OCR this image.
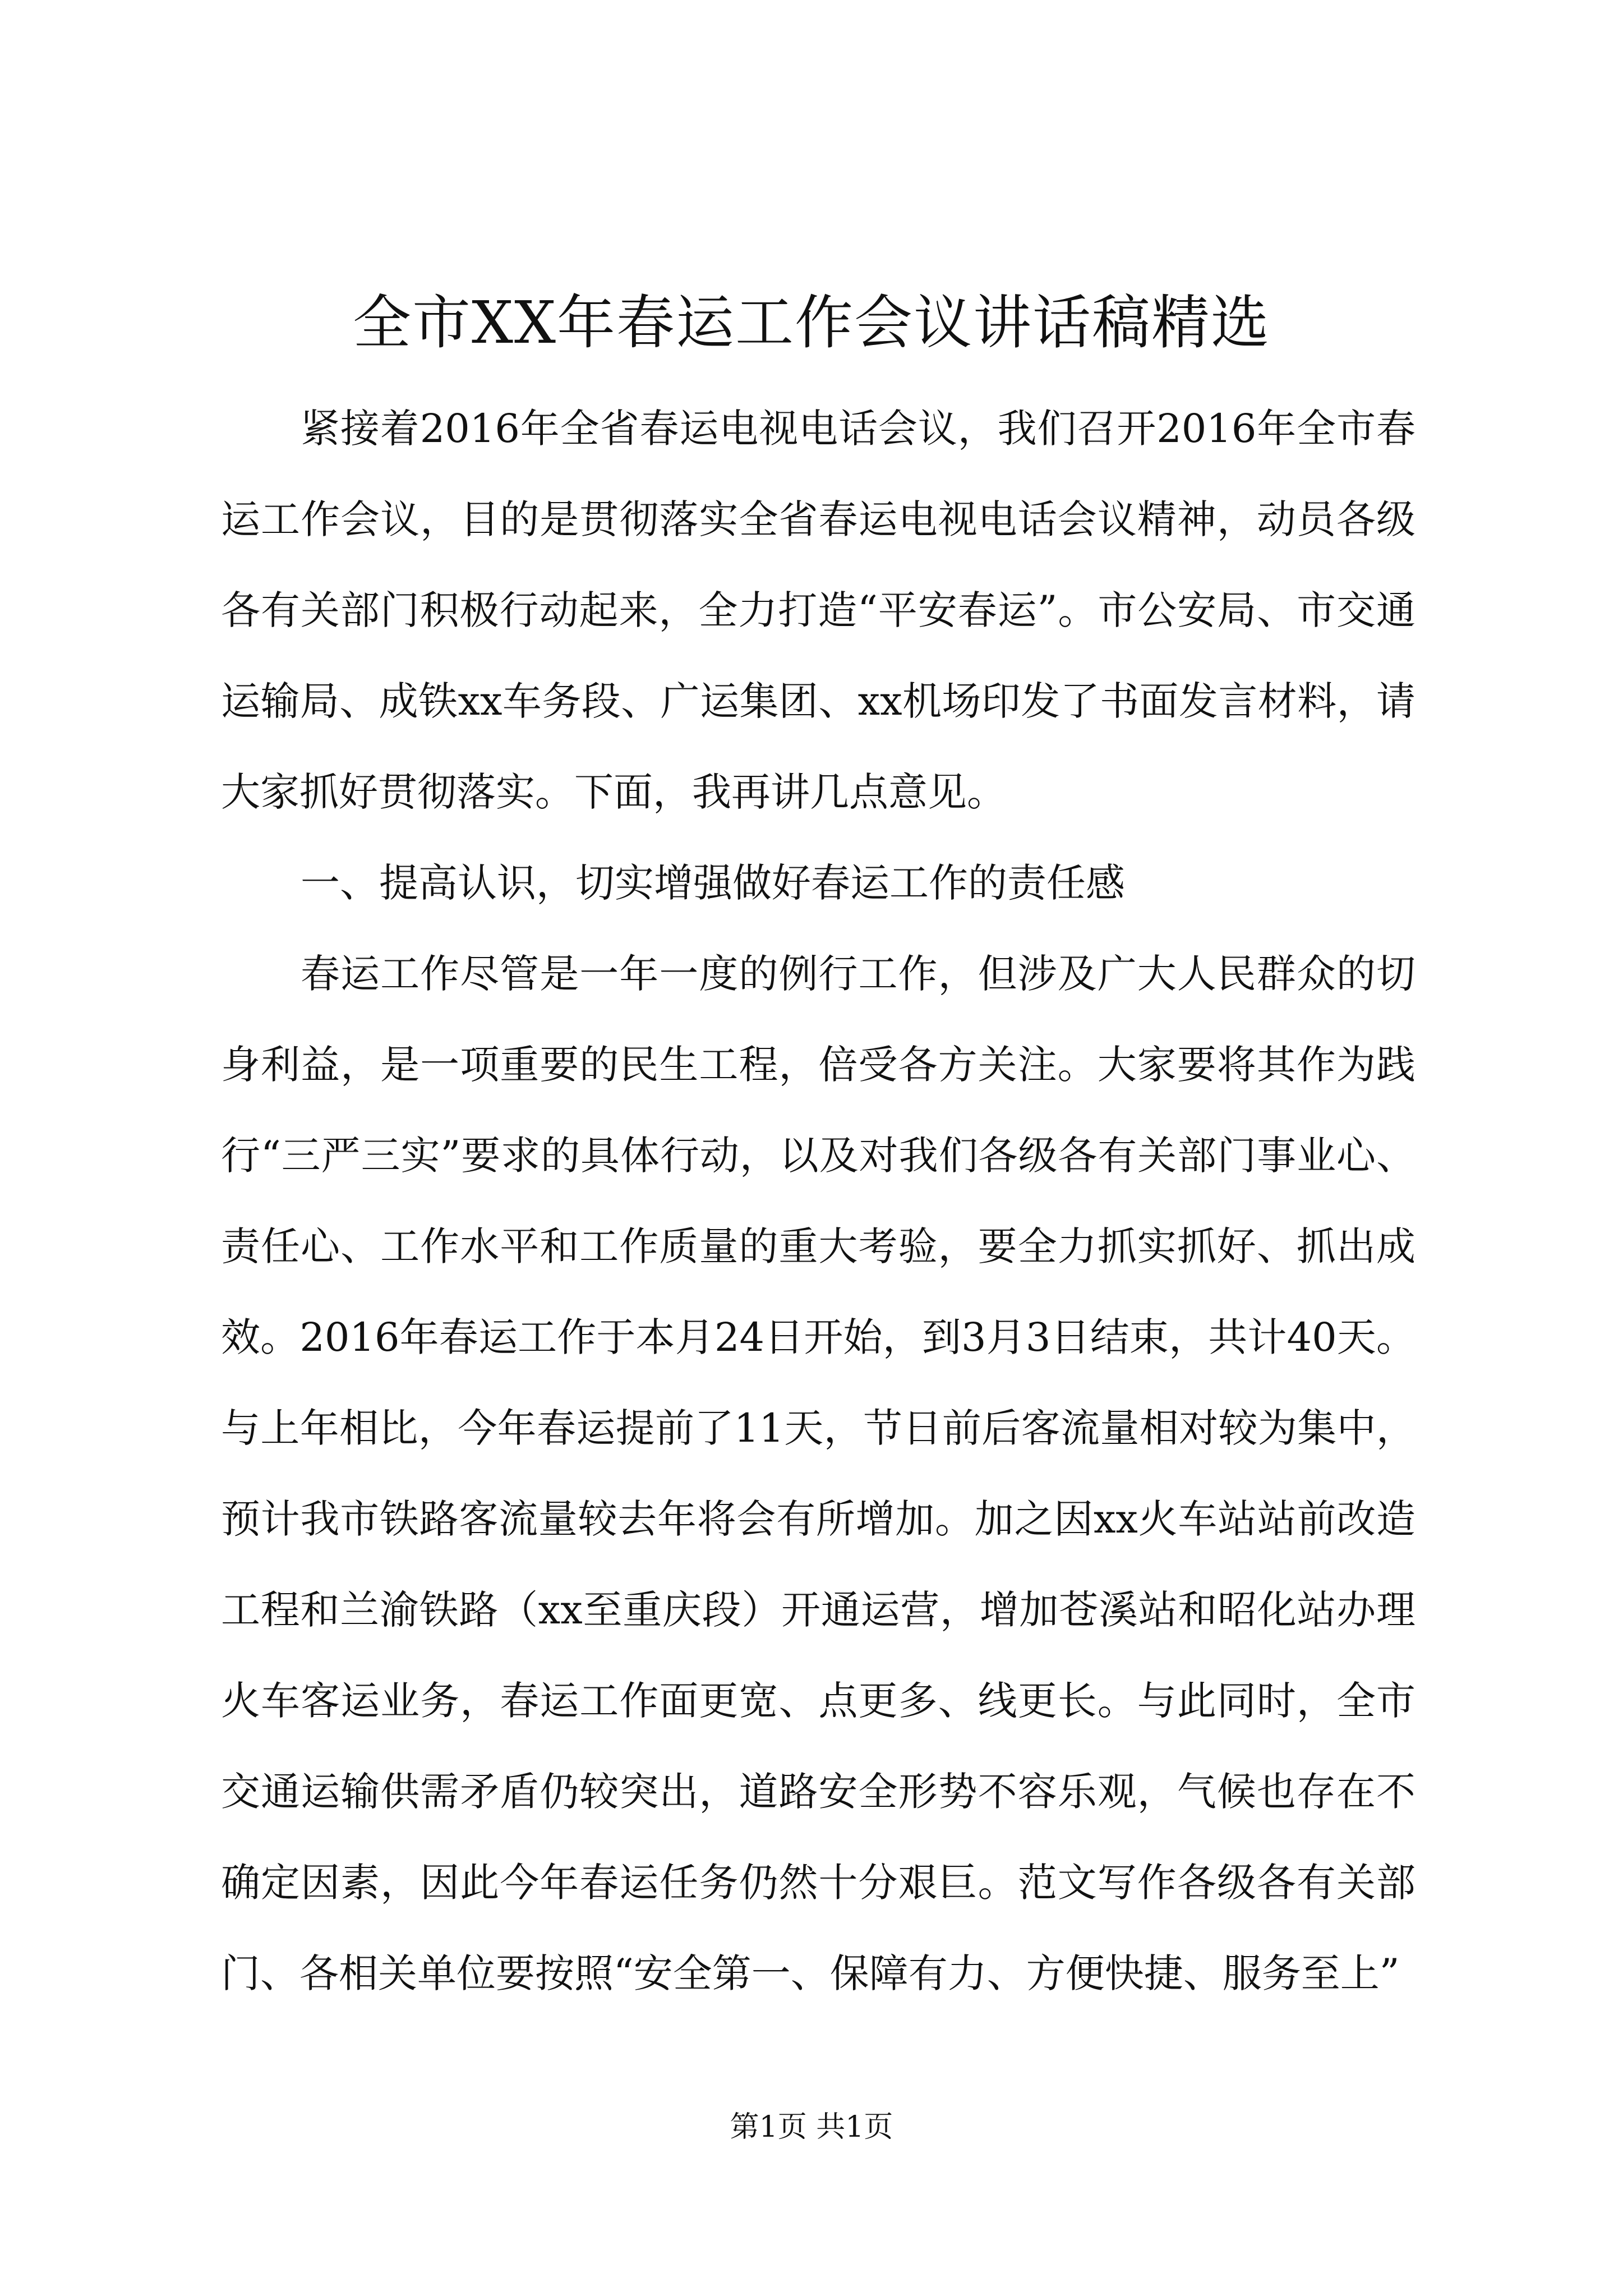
全市XX年春运工作会议讲话稿精选

紧接着2016年全省春运电视电话会议，我们召开2016年全市春运工作会议，目的是贯彻落实全省春运电视电话会议精神，动员各级各有关部门积极行动起来，全力打造“平安春运”。市公安局、市交通运输局、成铁xx车务段、广运集团、xx机场印发了书面发言材料，请大家抓好贯彻落实。下面，我再讲几点意见。

一、提高认识，切实增强做好春运工作的责任感

春运工作尽管是一年一度的例行工作，但涉及广大人民群众的切身利益，是一项重要的民生工程，倍受各方关注。大家要将其作为践行“三严三实”要求的具体行动，以及对我们各级各有关部门事业心、责任心、工作水平和工作质量的重大考验，要全力抓实抓好、抓出成效。2016年春运工作于本月24日开始，到3月3日结束，共计40天。与上年相比，今年春运提前了11天，节日前后客流量相对较为集中，预计我市铁路客流量较去年将会有所增加。加之因xx火车站站前改造工程和兰渝铁路（xx至重庆段）开通运营，增加苍溪站和昭化站办理火车客运业务，春运工作面更宽、点更多、线更长。与此同时，全市交通运输供需矛盾仍较突出，道路安全形势不容乐观，气候也存在不确定因素，因此今年春运任务仍然十分艰巨。范文写作各级各有关部门、各相关单位要按照“安全第一、保障有力、方便快捷、服务至上”

第1页 共1页
